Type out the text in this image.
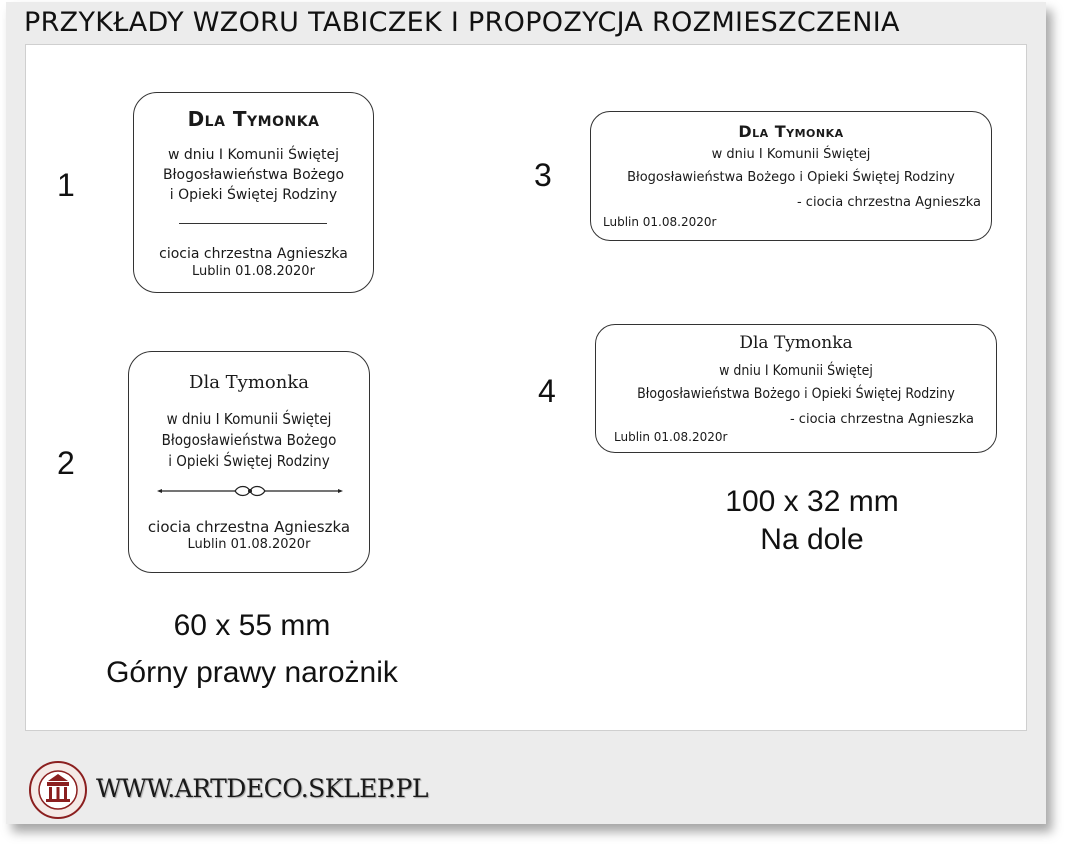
PRZYKŁADY WZORU TABICZEK I PROPOZYCJA ROZMIESZCZENIA
1
2
3
4
Dla Tymonka
w dniu I Komunii Świętej
Błogosławieństwa Bożego
i Opieki Świętej Rodziny
ciocia chrzestna Agnieszka
Lublin 01.08.2020r
Dla Tymonka
w dniu I Komunii Świętej
Błogosławieństwa Bożego
i Opieki Świętej Rodziny
ciocia chrzestna Agnieszka
Lublin 01.08.2020r
Dla Tymonka
w dniu I Komunii Świętej
Błogosławieństwa Bożego i Opieki Świętej Rodziny
- ciocia chrzestna Agnieszka
Lublin 01.08.2020r
Dla Tymonka
w dniu I Komunii Świętej
Błogosławieństwa Bożego i Opieki Świętej Rodziny
- ciocia chrzestna Agnieszka
Lublin 01.08.2020r
60 x 55 mm
Górny prawy narożnik
100 x 32 mm
Na dole
WWW.ARTDECO.SKLEP.PL
